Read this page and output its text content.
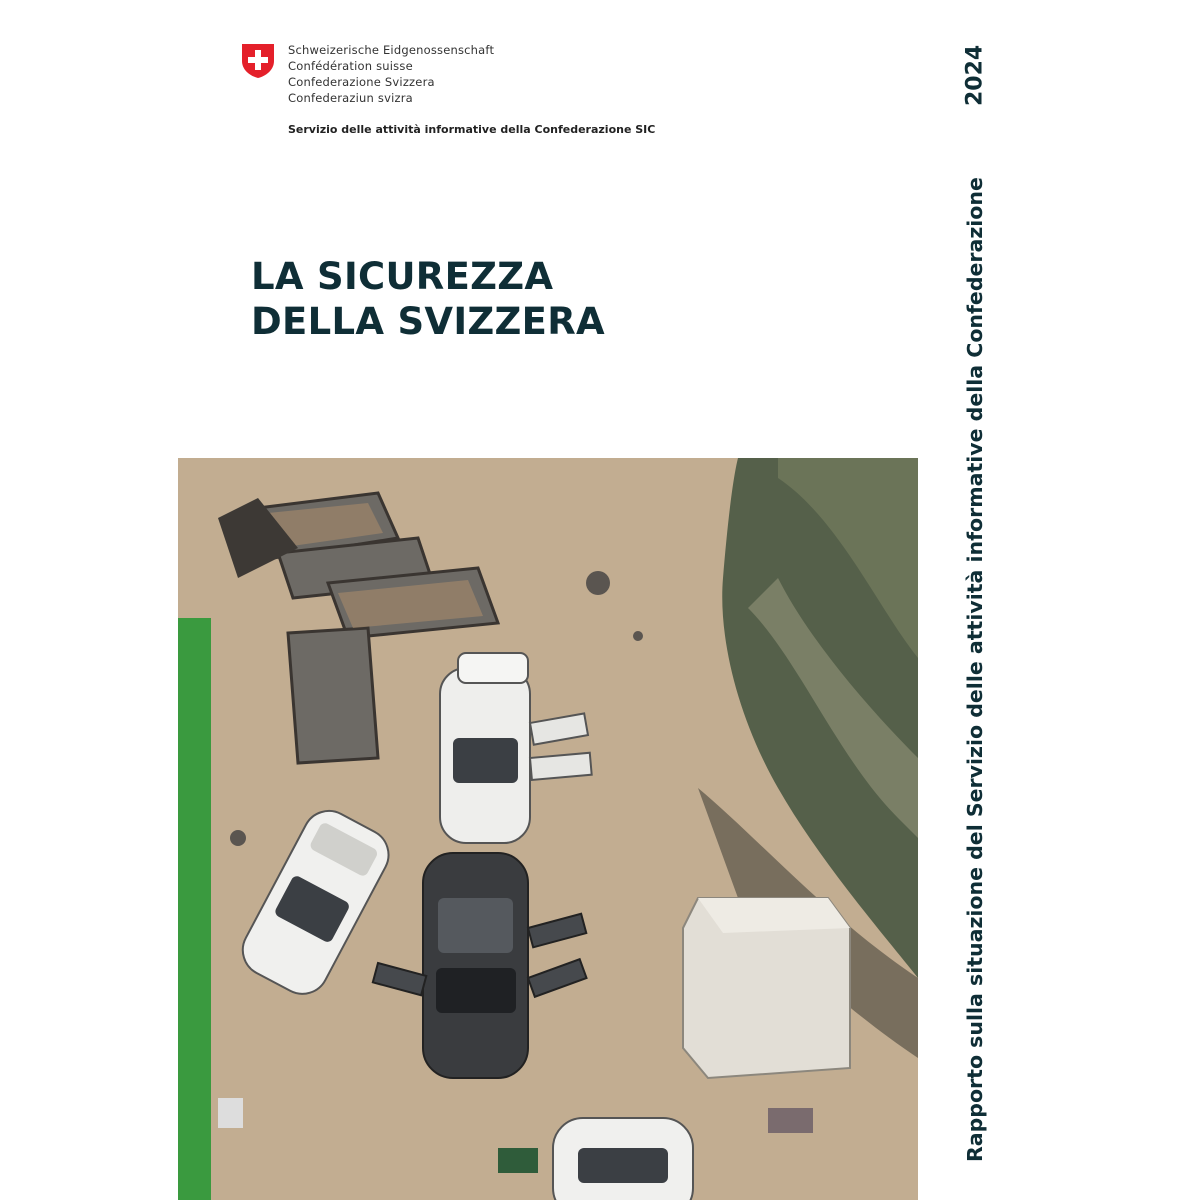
Schweizerische Eidgenossenschaft
Confédération suisse
Confederazione Svizzera
Confederaziun svizra
Servizio delle attività informative della Confederazione SIC
LA SICUREZZA
DELLA SVIZZERA
2024
Rapporto sulla situazione del Servizio delle attività informative della Confederazione
